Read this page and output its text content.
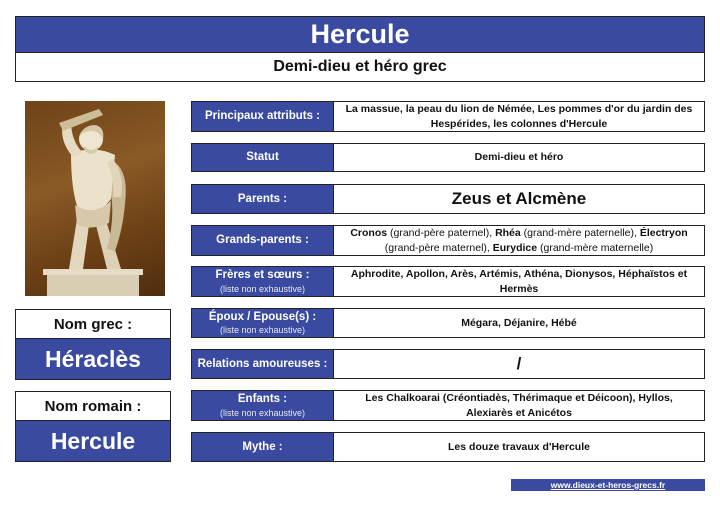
Hercule
Demi-dieu et héro grec
Nom grec :
Héraclès
Nom romain :
Hercule
Principaux attributs :
La massue, la peau du lion de Némée, Les pommes d'or du jardin des Hespérides, les colonnes d'Hercule
Statut	Demi-dieu et héro
Parents :	Zeus et Alcmène
Grands-parents :
Cronos (grand-père paternel), Rhéa (grand-mère paternelle), Électryon (grand-père maternel), Eurydice (grand-mère maternelle)
Frères et sœurs :
(liste non exhaustive)
Aphrodite, Apollon, Arès, Artémis, Athéna, Dionysos, Héphaïstos et Hermès
Époux / Epouse(s) :
(liste non exhaustive)
Mégara, Déjanire, Hébé
Relations amoureuses :	/
Enfants :
(liste non exhaustive)
Les Chalkoarai (Créontiadès, Thérimaque et Déicoon), Hyllos, Alexiarès et Anicétos
Mythe :	Les douze travaux d'Hercule
www.dieux-et-heros-grecs.fr
